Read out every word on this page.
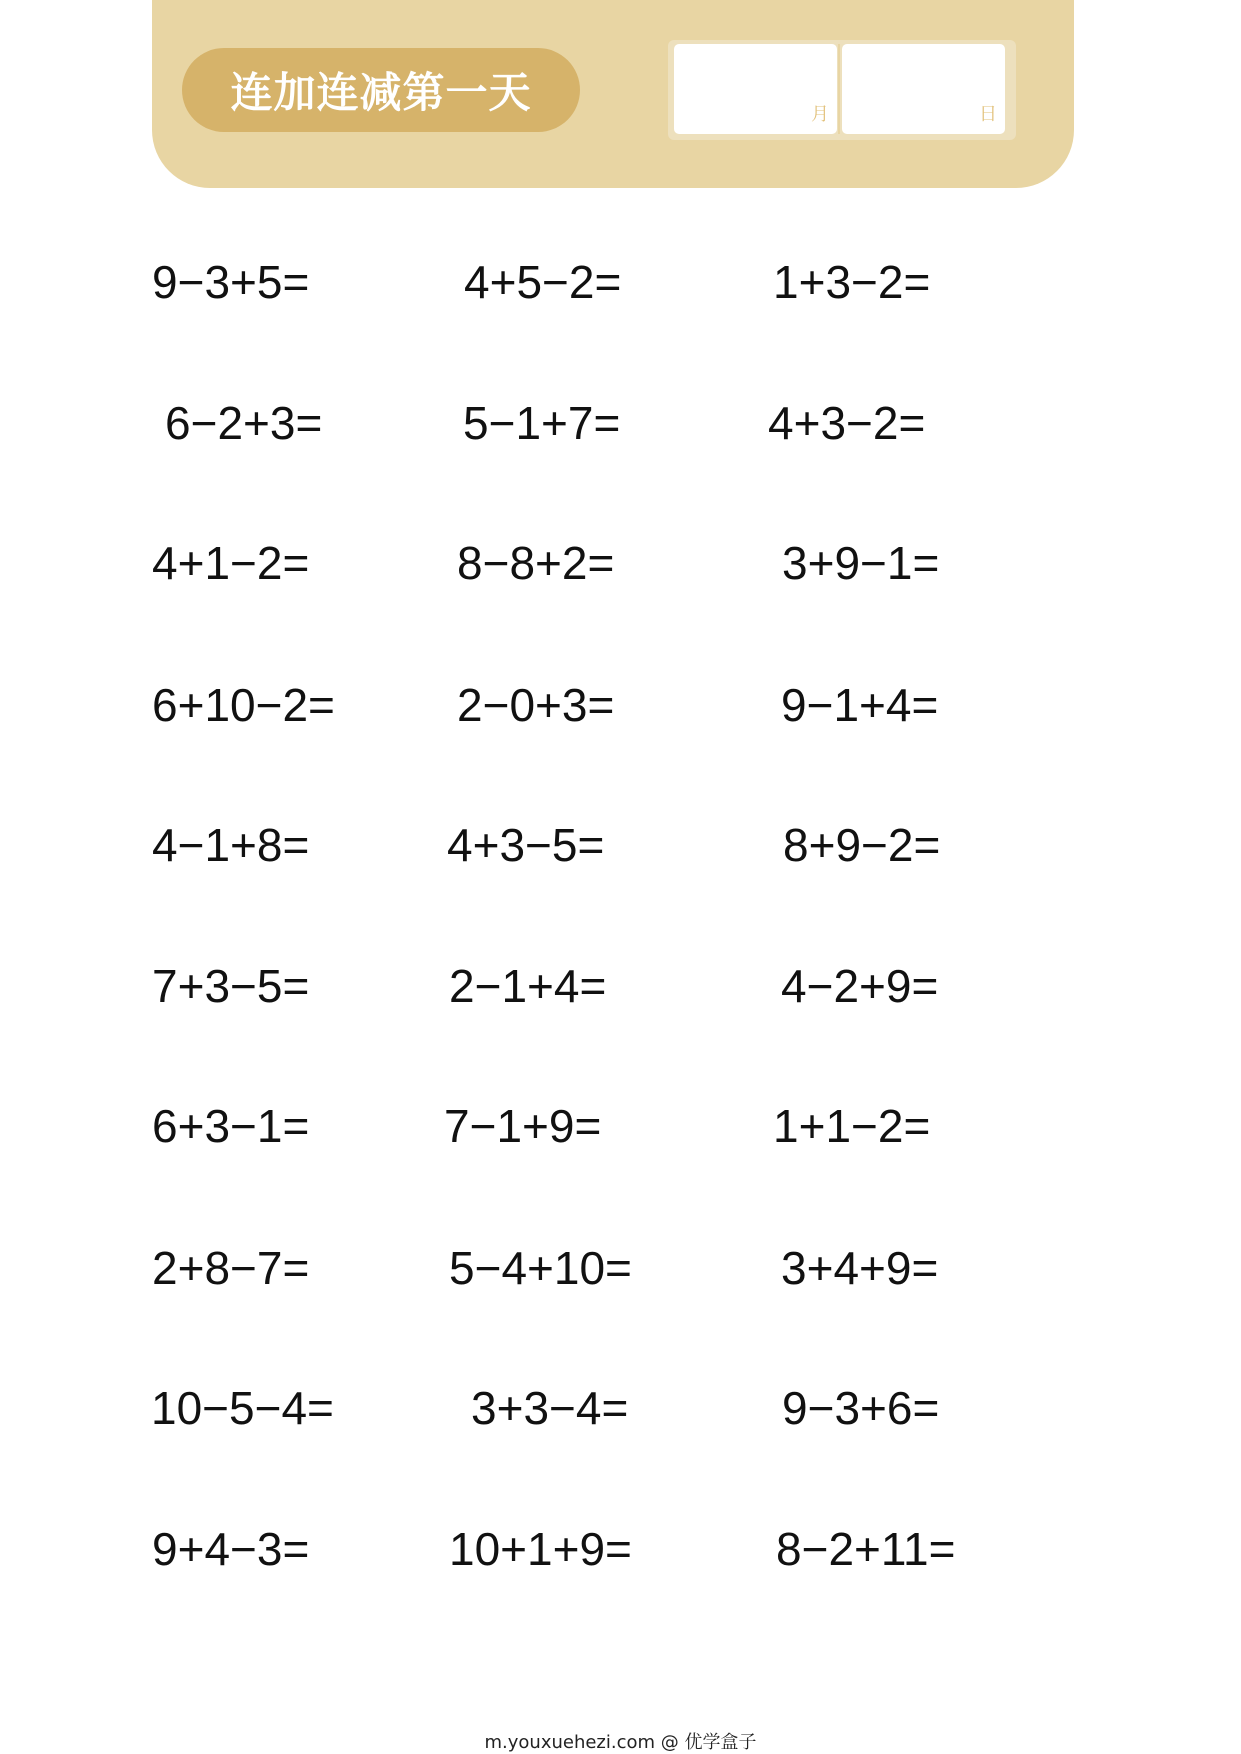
连加连减第一天	月	日
9−3+5=	4+5−2=	1+3−2=
6−2+3=	5−1+7=	4+3−2=
4+1−2=	8−8+2=	3+9−1=
6+10−2=	2−0+3=	9−1+4=
4−1+8=	4+3−5=	8+9−2=
7+3−5=	2−1+4=	4−2+9=
6+3−1=	7−1+9=	1+1−2=
2+8−7=	5−4+10=	3+4+9=
10−5−4=	3+3−4=	9−3+6=
9+4−3=	10+1+9=	8−2+11=
m.youxuehezi.com @ 优学盒子
